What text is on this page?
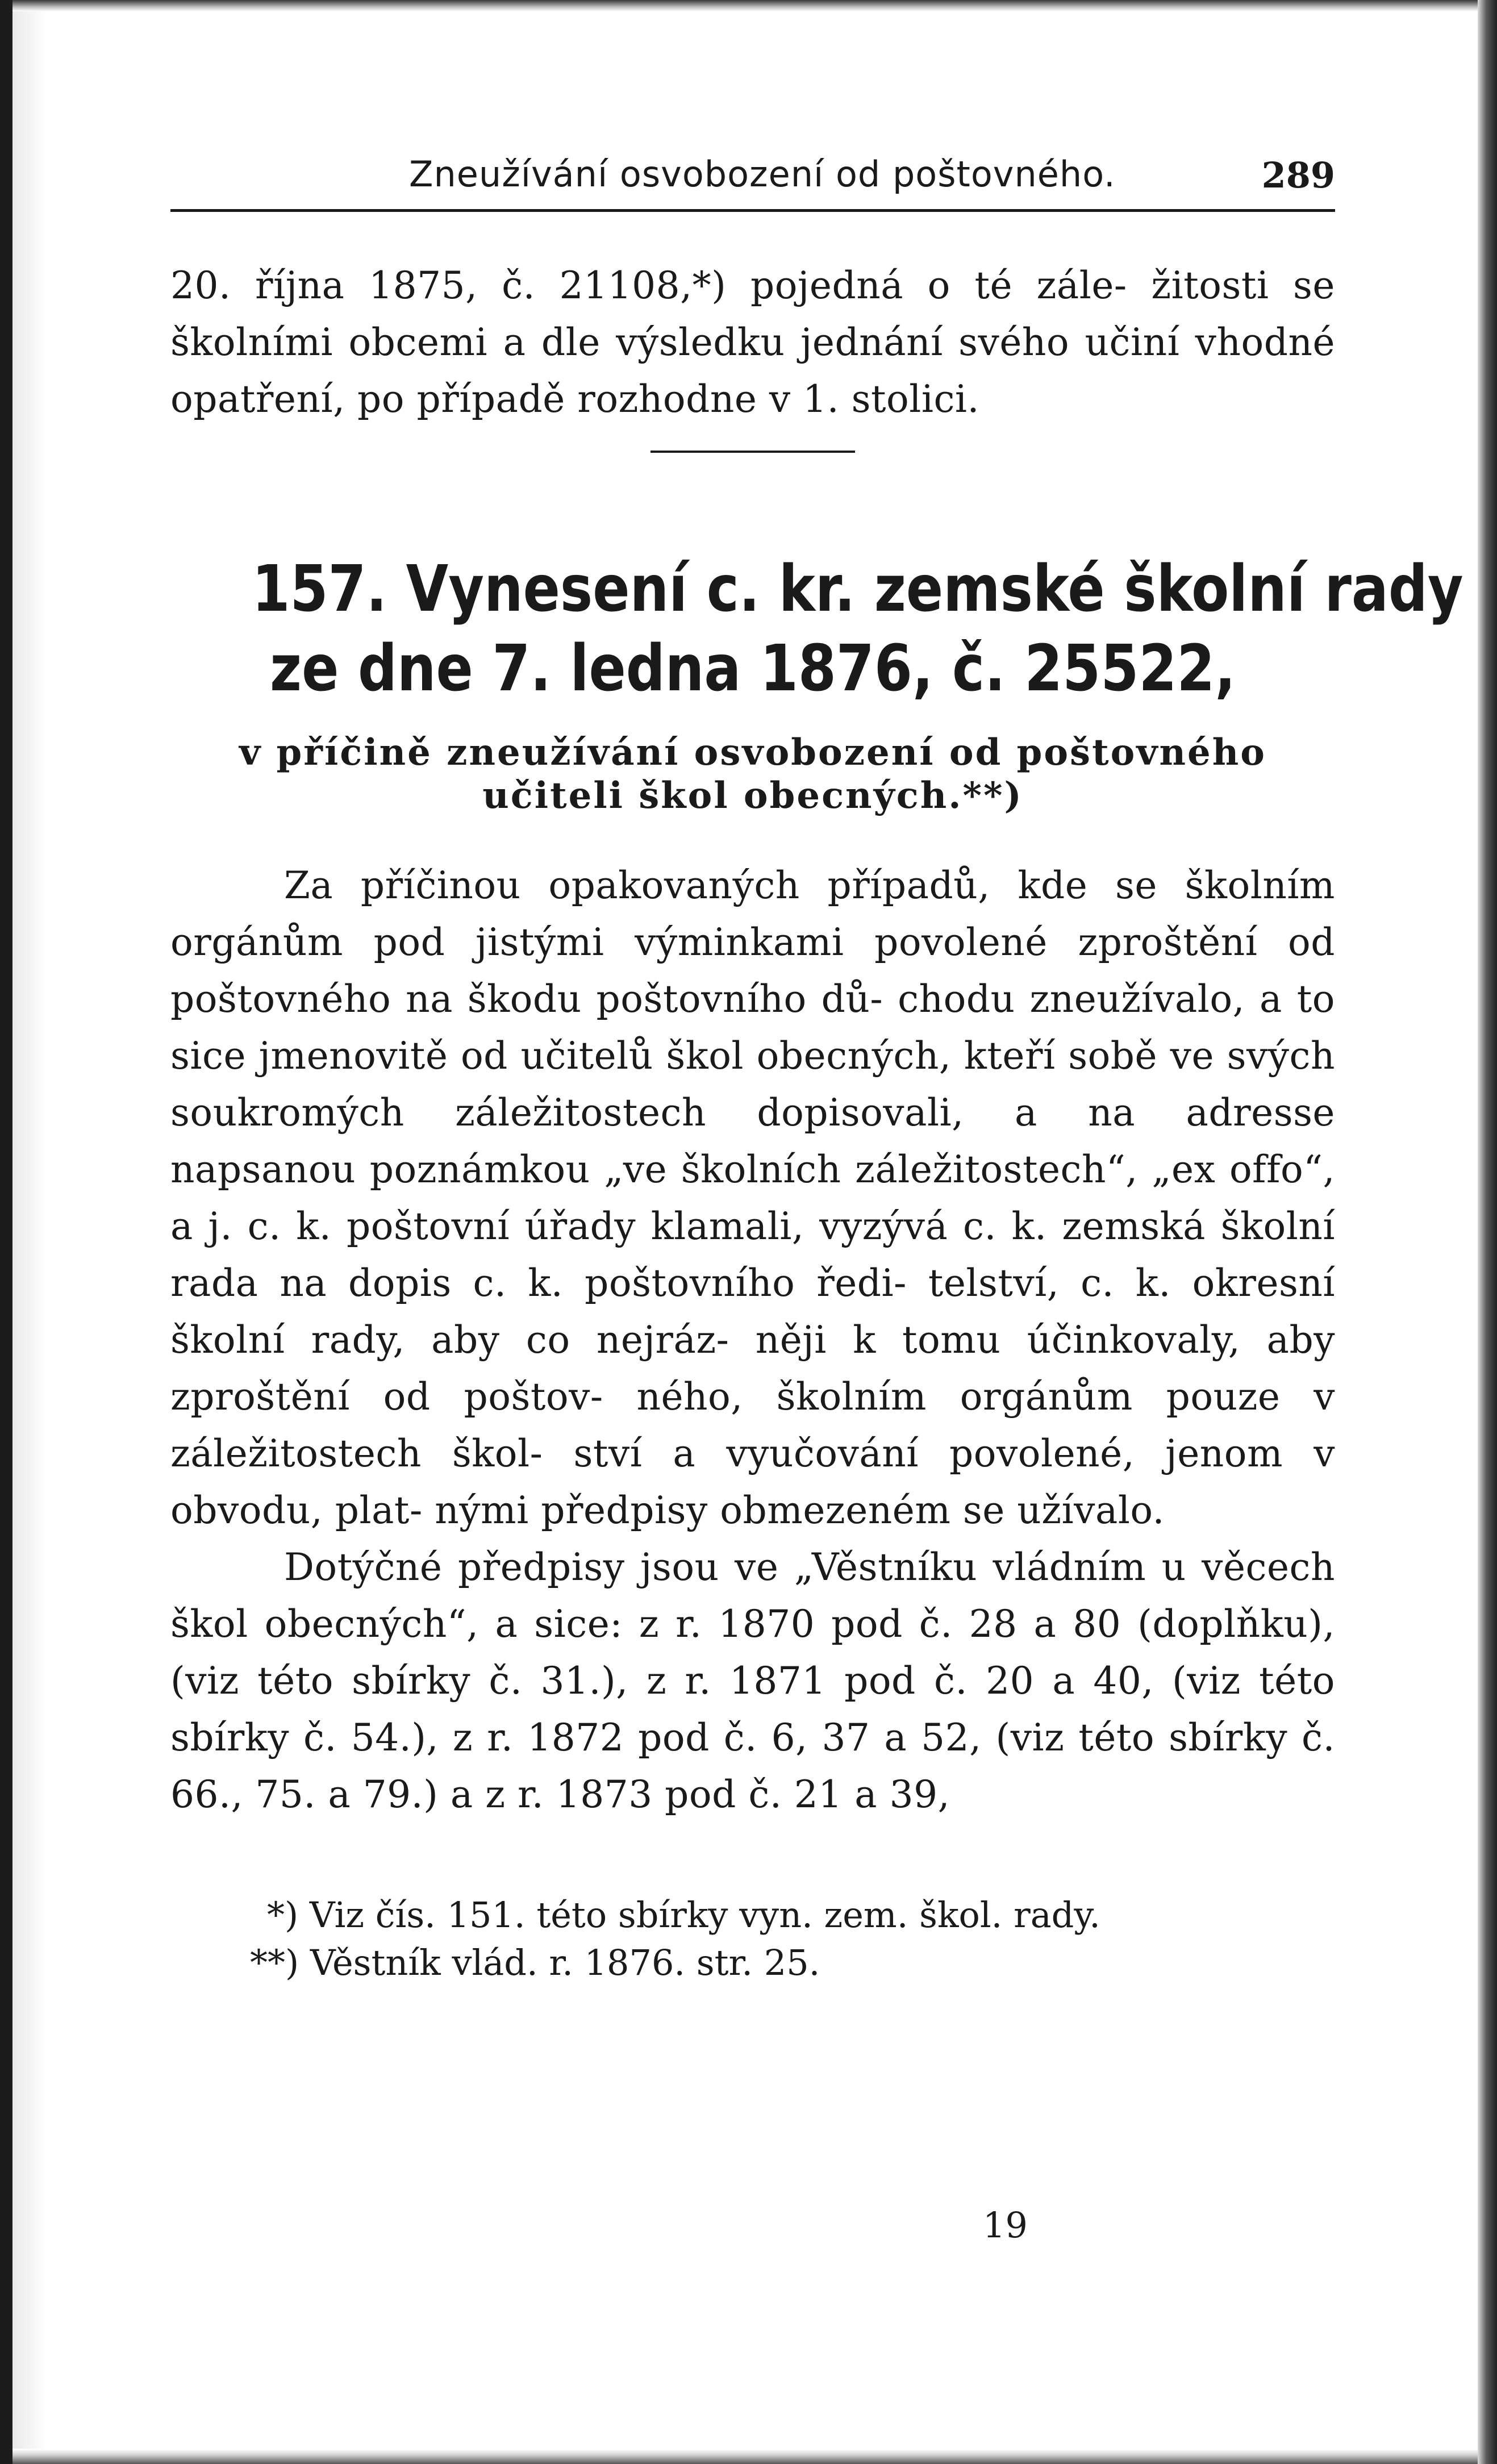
Zneužívání osvobození od poštovného.	289

20. října 1875, č. 21108,*) pojedná o té zále- žitosti se školními obcemi a dle výsledku jednání svého učiní vhodné opatření, po případě rozhodne v 1. stolici.

157. Vynesení c. kr. zemské školní rady
ze dne 7. ledna 1876, č. 25522,
v příčině zneužívání osvobození od poštovného
učiteli škol obecných.**)

Za příčinou opakovaných případů, kde se školním orgánům pod jistými výminkami povolené zproštění od poštovného na škodu poštovního dů- chodu zneužívalo, a to sice jmenovitě od učitelů škol obecných, kteří sobě ve svých soukromých záležitostech dopisovali, a na adresse napsanou poznámkou „ve školních záležitostech“, „ex offo“, a j. c. k. poštovní úřady klamali, vyzývá c. k. zemská školní rada na dopis c. k. poštovního ředi- telství, c. k. okresní školní rady, aby co nejráz- něji k tomu účinkovaly, aby zproštění od poštov- ného, školním orgánům pouze v záležitostech škol- ství a vyučování povolené, jenom v obvodu, plat- nými předpisy obmezeném se užívalo.

Dotýčné předpisy jsou ve „Věstníku vládním u věcech škol obecných“, a sice: z r. 1870 pod č. 28 a 80 (doplňku), (viz této sbírky č. 31.), z r. 1871 pod č. 20 a 40, (viz této sbírky č. 54.), z r. 1872 pod č. 6, 37 a 52, (viz této sbírky č. 66., 75. a 79.) a z r. 1873 pod č. 21 a 39,

*) Viz čís. 151. této sbírky vyn. zem. škol. rady.
**) Věstník vlád. r. 1876. str. 25.
19
